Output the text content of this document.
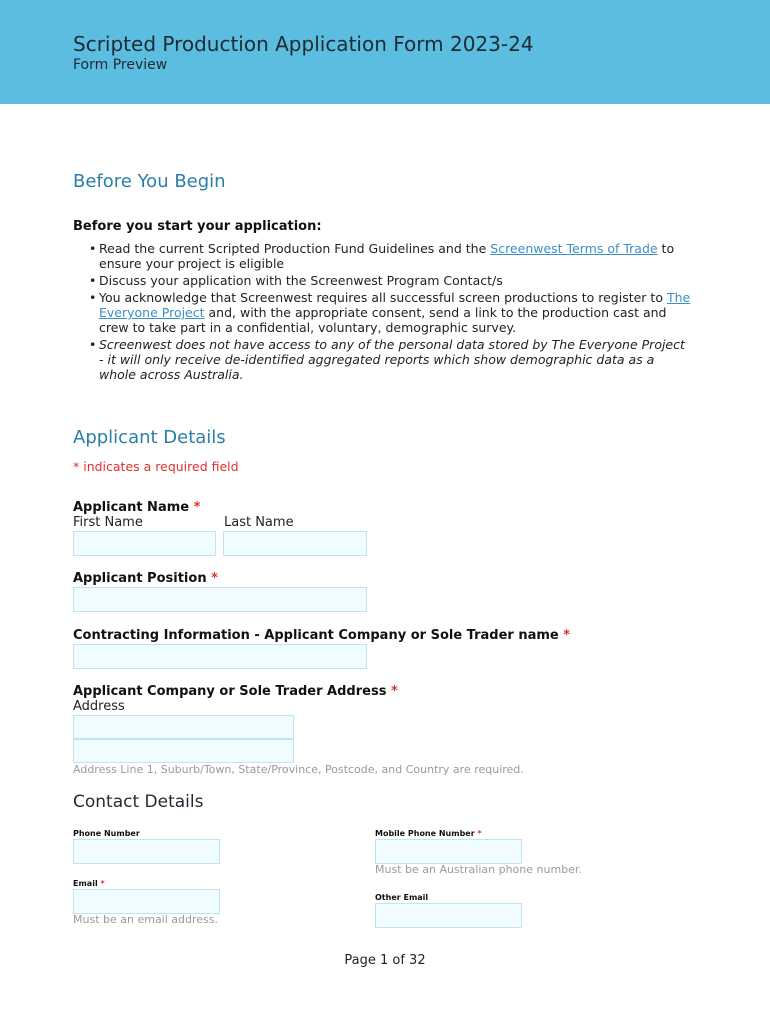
Scripted Production Application Form 2023-24
Form Preview
Before You Begin
Before you start your application:
• Read the current Scripted Production Fund Guidelines and the Screenwest Terms of Trade to ensure your project is eligible
• Discuss your application with the Screenwest Program Contact/s
• You acknowledge that Screenwest requires all successful screen productions to register to The Everyone Project and, with the appropriate consent, send a link to the production cast and crew to take part in a confidential, voluntary, demographic survey.
• Screenwest does not have access to any of the personal data stored by The Everyone Project - it will only receive de-identified aggregated reports which show demographic data as a whole across Australia.
Applicant Details
* indicates a required field
Applicant Name *
First Name	Last Name
Applicant Position *
Contracting Information - Applicant Company or Sole Trader name *
Applicant Company or Sole Trader Address *
Address
Address Line 1, Suburb/Town, State/Province, Postcode, and Country are required.
Contact Details
Phone Number	Mobile Phone Number *
Must be an Australian phone number.
Email *
Must be an email address.
Other Email
Page 1 of 32
